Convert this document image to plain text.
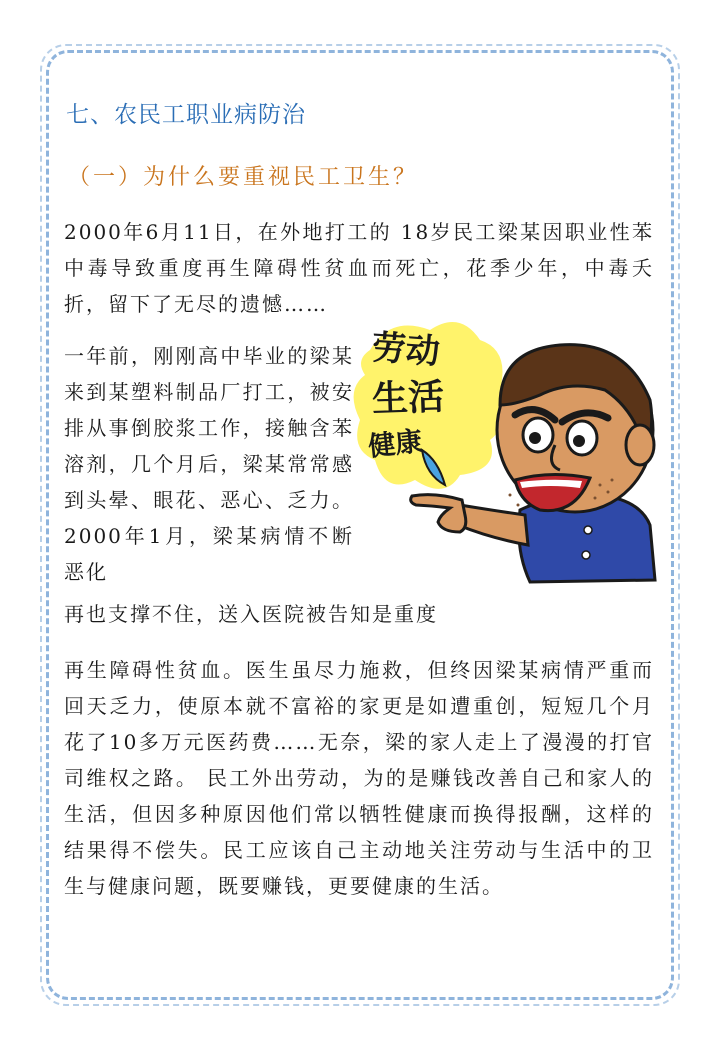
七、农民工职业病防治
（一）为什么要重视民工卫生？
2000年6月11日，在外地打工的 18岁民工梁某因职业性苯中毒导致重度再生障碍性贫血而死亡，花季少年，中毒夭折，留下了无尽的遗憾……
一年前，刚刚高中毕业的梁某来到某塑料制品厂打工，被安排从事倒胶浆工作，接触含苯溶剂，几个月后，梁某常常感到头晕、眼花、恶心、乏力。2000年1月，梁某病情不断恶化
再也支撑不住，送入医院被告知是重度
再生障碍性贫血。医生虽尽力施救，但终因梁某病情严重而回天乏力，使原本就不富裕的家更是如遭重创，短短几个月花了10多万元医药费……无奈，梁的家人走上了漫漫的打官司维权之路。 民工外出劳动，为的是赚钱改善自己和家人的生活，但因多种原因他们常以牺牲健康而换得报酬，这样的结果得不偿失。民工应该自己主动地关注劳动与生活中的卫生与健康问题，既要赚钱，更要健康的生活。
劳动
生活
健康
